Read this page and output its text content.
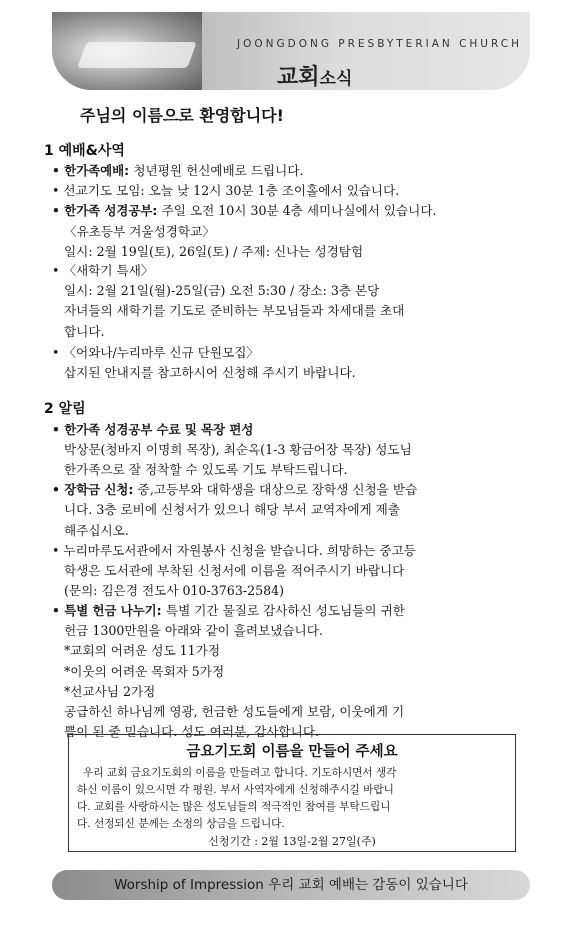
JOONGDONG PRESBYTERIAN CHURCH
교회소식
주님의 이름으로 환영합니다!
1 예배&사역
• 한가족예배: 청년평원 헌신예배로 드립니다.
• 선교기도 모임: 오늘 낮 12시 30분 1층 조이홀에서 있습니다.
• 한가족 성경공부: 주일 오전 10시 30분 4층 세미나실에서 있습니다.
〈유초등부 겨울성경학교〉
일시: 2월 19일(토), 26일(토) / 주제: 신나는 성경탐험
• 〈새학기 특새〉
일시: 2월 21일(월)-25일(금) 오전 5:30 / 장소: 3층 본당
자녀들의 새학기를 기도로 준비하는 부모님들과 차세대를 초대
합니다.
• 〈어와나/누리마루 신규 단원모집〉
삽지된 안내지를 참고하시어 신청해 주시기 바랍니다.
2 알림
• 한가족 성경공부 수료 및 목장 편성
박상문(청바지 이명희 목장), 최순옥(1-3 황금어장 목장) 성도님
한가족으로 잘 정착할 수 있도록 기도 부탁드립니다.
• 장학금 신청: 중,고등부와 대학생을 대상으로 장학생 신청을 받습
니다. 3층 로비에 신청서가 있으니 해당 부서 교역자에게 제출
해주십시오.
• 누리마루도서관에서 자원봉사 신청을 받습니다. 희망하는 중고등
학생은 도서관에 부착된 신청서에 이름을 적어주시기 바랍니다
(문의: 김은경 전도사 010-3763-2584)
• 특별 헌금 나누기: 특별 기간 물질로 감사하신 성도님들의 귀한
헌금 1300만원을 아래와 같이 흘려보냈습니다.
*교회의 어려운 성도 11가정
*이웃의 어려운 목회자 5가정
*선교사님 2가정
공급하신 하나님께 영광, 헌금한 성도들에게 보람, 이웃에게 기
쁨이 된 줄 믿습니다. 성도 여러분, 감사합니다.
금요기도회 이름을 만들어 주세요
우리 교회 금요기도회의 이름을 만들려고 합니다. 기도하시면서 생각
하신 이름이 있으시면 각 평원. 부서 사역자에게 신청해주시길 바랍니
다. 교회를 사랑하시는 많은 성도님들의 적극적인 참여를 부탁드립니
다. 선정되신 분께는 소정의 상금을 드립니다.
신청기간 : 2월 13일-2월 27일(주)
Worship of Impression 우리 교회 예배는 감동이 있습니다
